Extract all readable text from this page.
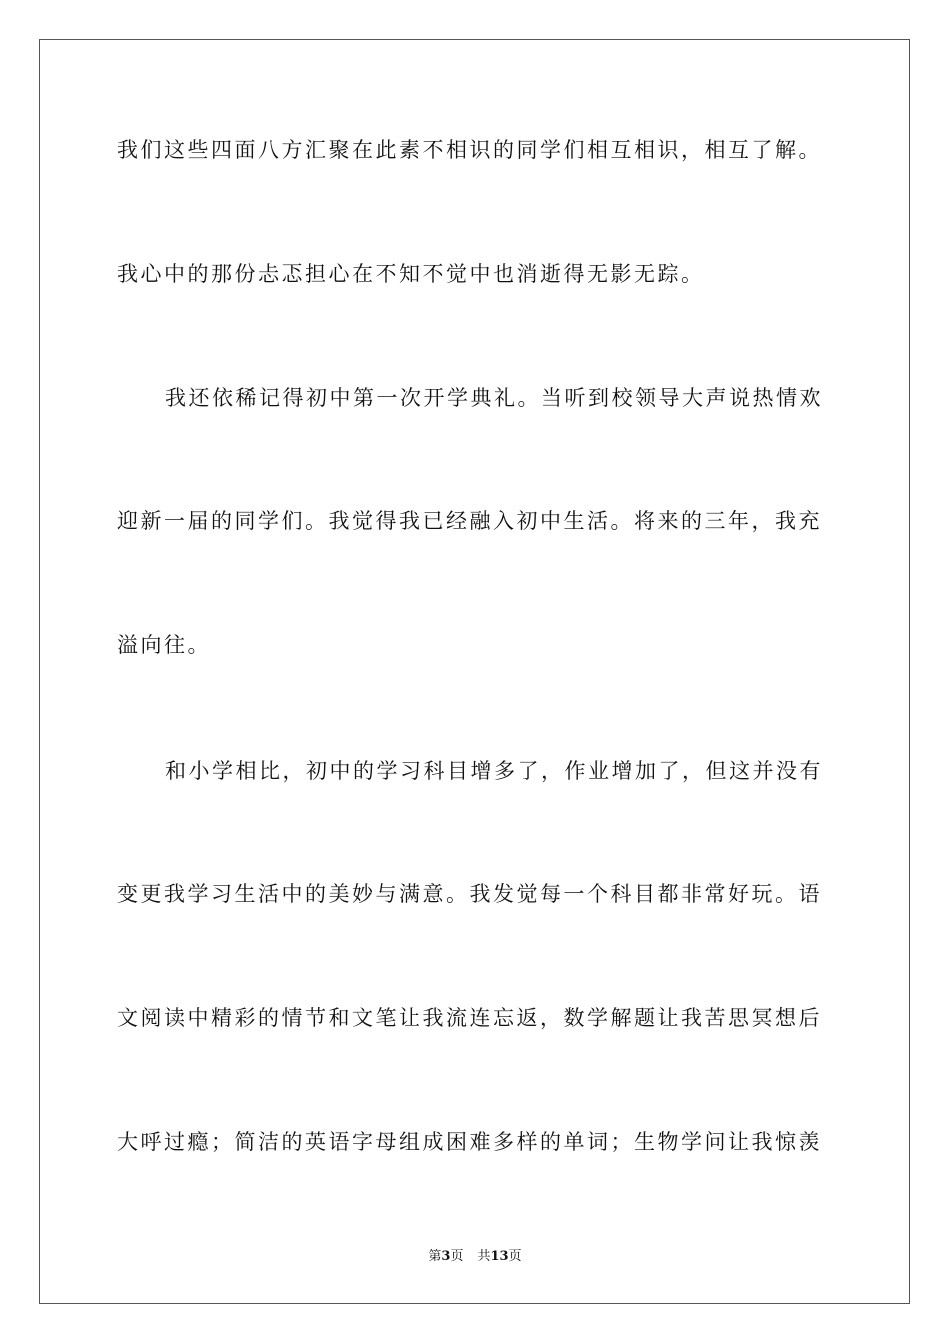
我们这些四面八方汇聚在此素不相识的同学们相互相识，相互了解。
我心中的那份忐忑担心在不知不觉中也消逝得无影无踪。
我还依稀记得初中第一次开学典礼。当听到校领导大声说热情欢
迎新一届的同学们。我觉得我已经融入初中生活。将来的三年，我充
溢向往。
和小学相比，初中的学习科目增多了，作业增加了，但这并没有
变更我学习生活中的美妙与满意。我发觉每一个科目都非常好玩。语
文阅读中精彩的情节和文笔让我流连忘返，数学解题让我苦思冥想后
大呼过瘾；简洁的英语字母组成困难多样的单词；生物学问让我惊羡
第3页 共13页
